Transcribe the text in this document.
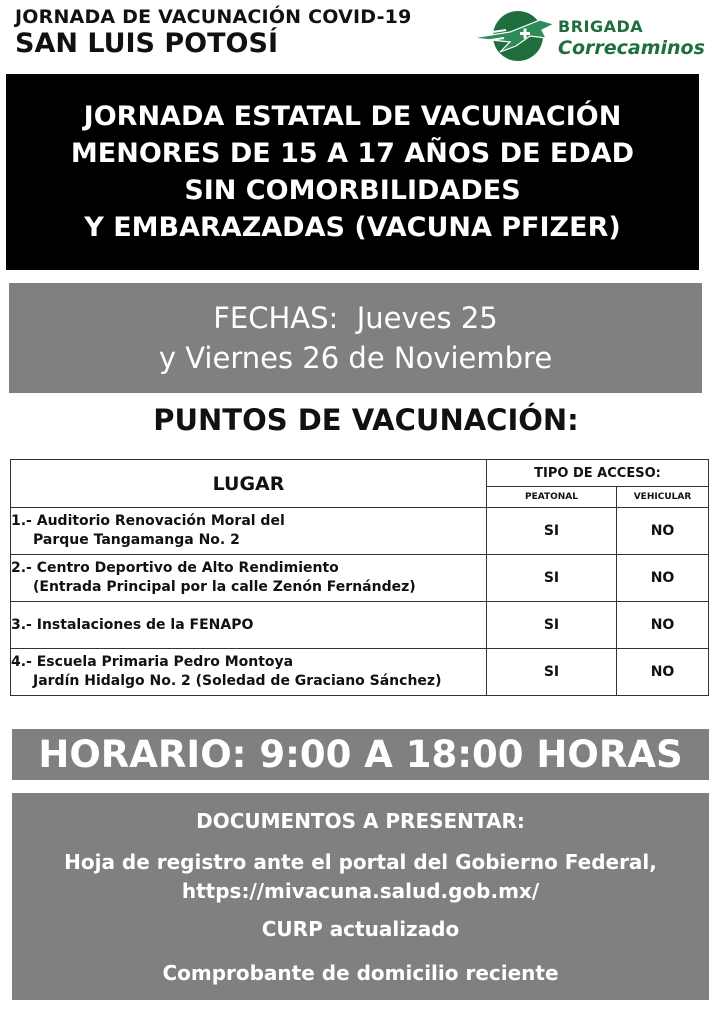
JORNADA DE VACUNACIÓN COVID-19
SAN LUIS POTOSÍ
BRIGADA
Correcaminos
JORNADA ESTATAL DE VACUNACIÓN
MENORES DE 15 A 17 AÑOS DE EDAD
SIN COMORBILIDADES
Y EMBARAZADAS (VACUNA PFIZER)
FECHAS:  Jueves 25
y Viernes 26 de Noviembre
PUNTOS DE VACUNACIÓN:
LUGAR	TIPO DE ACCESO:	
	PEATONAL	VEHICULAR

1.- Auditorio Renovación Moral del
Parque Tangamanga No. 2	SI	NO

2.- Centro Deportivo de Alto Rendimiento
(Entrada Principal por la calle Zenón Fernández)	SI	NO

3.- Instalaciones de la FENAPO	SI	NO

4.- Escuela Primaria Pedro Montoya
Jardín Hidalgo No. 2 (Soledad de Graciano Sánchez)	SI	NO
HORARIO: 9:00 A 18:00 HORAS
DOCUMENTOS A PRESENTAR:
Hoja de registro ante el portal del Gobierno Federal,
https://mivacuna.salud.gob.mx/
CURP actualizado
Comprobante de domicilio reciente
